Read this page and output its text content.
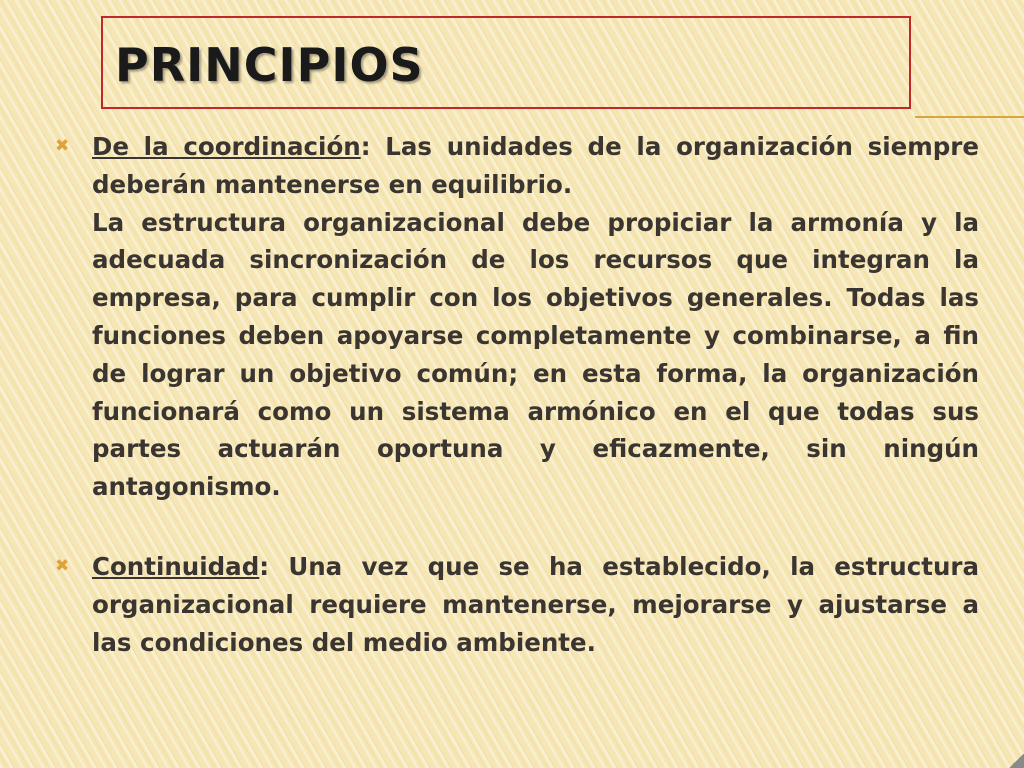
PRINCIPIOS

✖ De la coordinación: Las unidades de la organización siempre deberán mantenerse en equilibrio.

La estructura organizacional debe propiciar la armonía y la adecuada sincronización de los recursos que integran la empresa, para cumplir con los objetivos generales. Todas las funciones deben apoyarse completamente y combinarse, a fin de lograr un objetivo común; en esta forma, la organización funcionará como un sistema armónico en el que todas sus partes actuarán oportuna y eficazmente, sin ningún antagonismo.

✖ Continuidad: Una vez que se ha establecido, la estructura organizacional requiere mantenerse, mejorarse y ajustarse a las condiciones del medio ambiente.
